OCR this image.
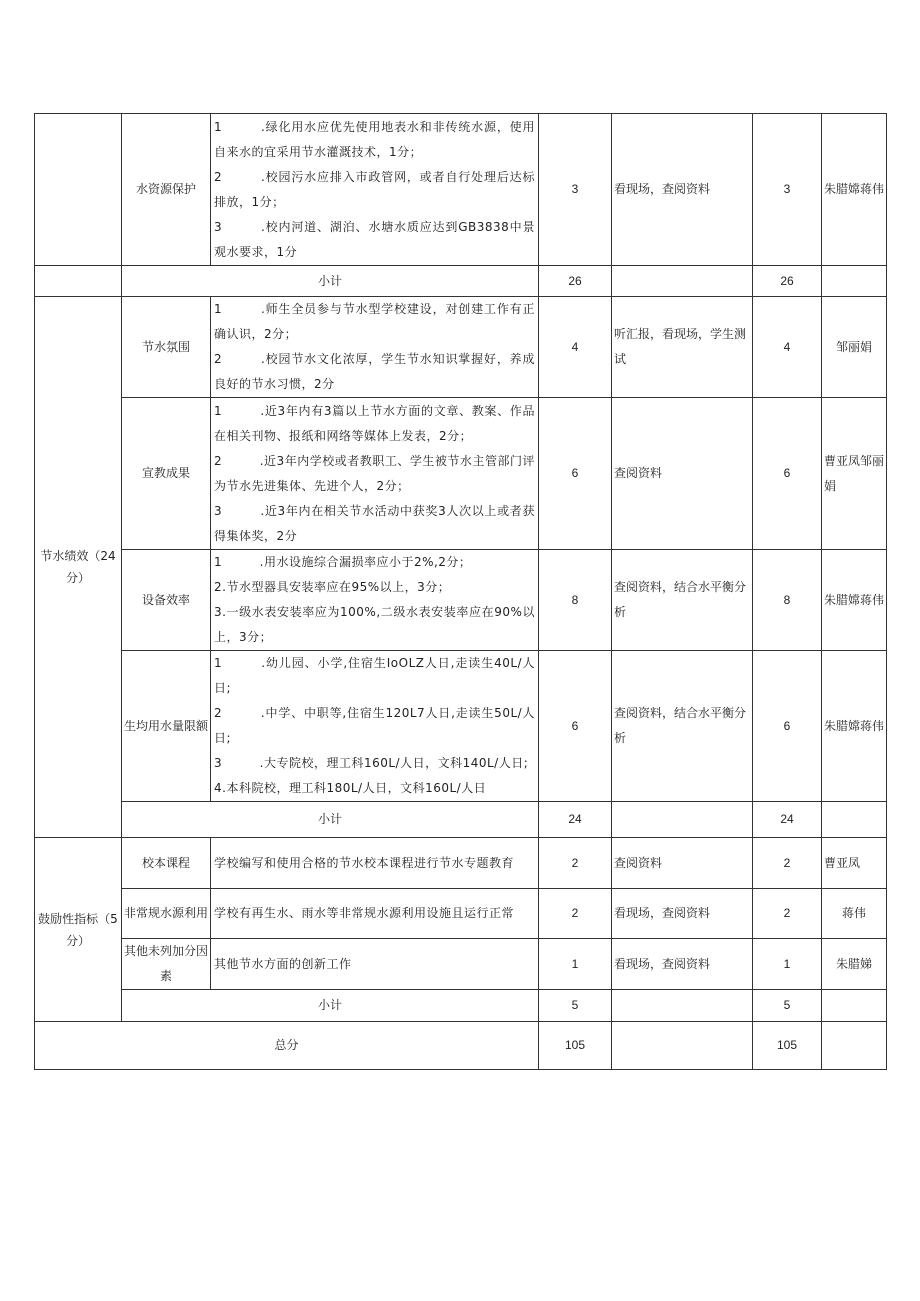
	水资源保护	1　　　.绿化用水应优先使用地表水和非传统水源，使用自来水的宜采用节水灌溉技术，1分；
2　　　.校园污水应排入市政管网，或者自行处理后达标排放，1分；
3　　　.校内河道、湖泊、水塘水质应达到GB3838中景观水要求，1分	3	看现场，查阅资料	3	朱腊嫦蒋伟
	小计		26		26	
节水绩效（24分）	节水氛围	1　　　.师生全员参与节水型学校建设，对创建工作有正确认识，2分；
2　　　.校园节水文化浓厚，学生节水知识掌握好，养成良好的节水习惯，2分	4	听汇报，看现场，学生测试	4	邹丽娟
	宣教成果	1　　　.近3年内有3篇以上节水方面的文章、教案、作品在相关刊物、报纸和网络等媒体上发表，2分；
2　　　.近3年内学校或者教职工、学生被节水主管部门评为节水先进集体、先进个人，2分；
3　　　.近3年内在相关节水活动中获奖3人次以上或者获得集体奖，2分	6	查阅资料	6	曹亚凤邹丽娟
	设备效率	1　　　.用水设施综合漏损率应小于2%,2分；
2.节水型器具安装率应在95%以上，3分；
3.一级水表安装率应为100%,二级水表安装率应在90%以上，3分；	8	查阅资料，结合水平衡分析	8	朱腊嫦蒋伟
	生均用水量限额	1　　　.幼儿园、小学,住宿生IoOLZ人日,走读生40L/人日;
2　　　.中学、中职等,住宿生120L7人日,走读生50L/人日;
3　　　.大专院校，理工科160L/人日，文科140L/人日;
4.本科院校，理工科180L/人日，文科160L/人日	6	查阅资料，结合水平衡分析	6	朱腊嫦蒋伟
	小计		24		24	
鼓励性指标（5分）	校本课程	学校编写和使用合格的节水校本课程进行节水专题教育	2	查阅资料	2	曹亚凤
	非常规水源利用	学校有再生水、雨水等非常规水源利用设施且运行正常	2	看现场，查阅资料	2	蒋伟
	其他未列加分因素	其他节水方面的创新工作	1	看现场，查阅资料	1	朱腊娣
	小计		5		5	
总分			105		105	
